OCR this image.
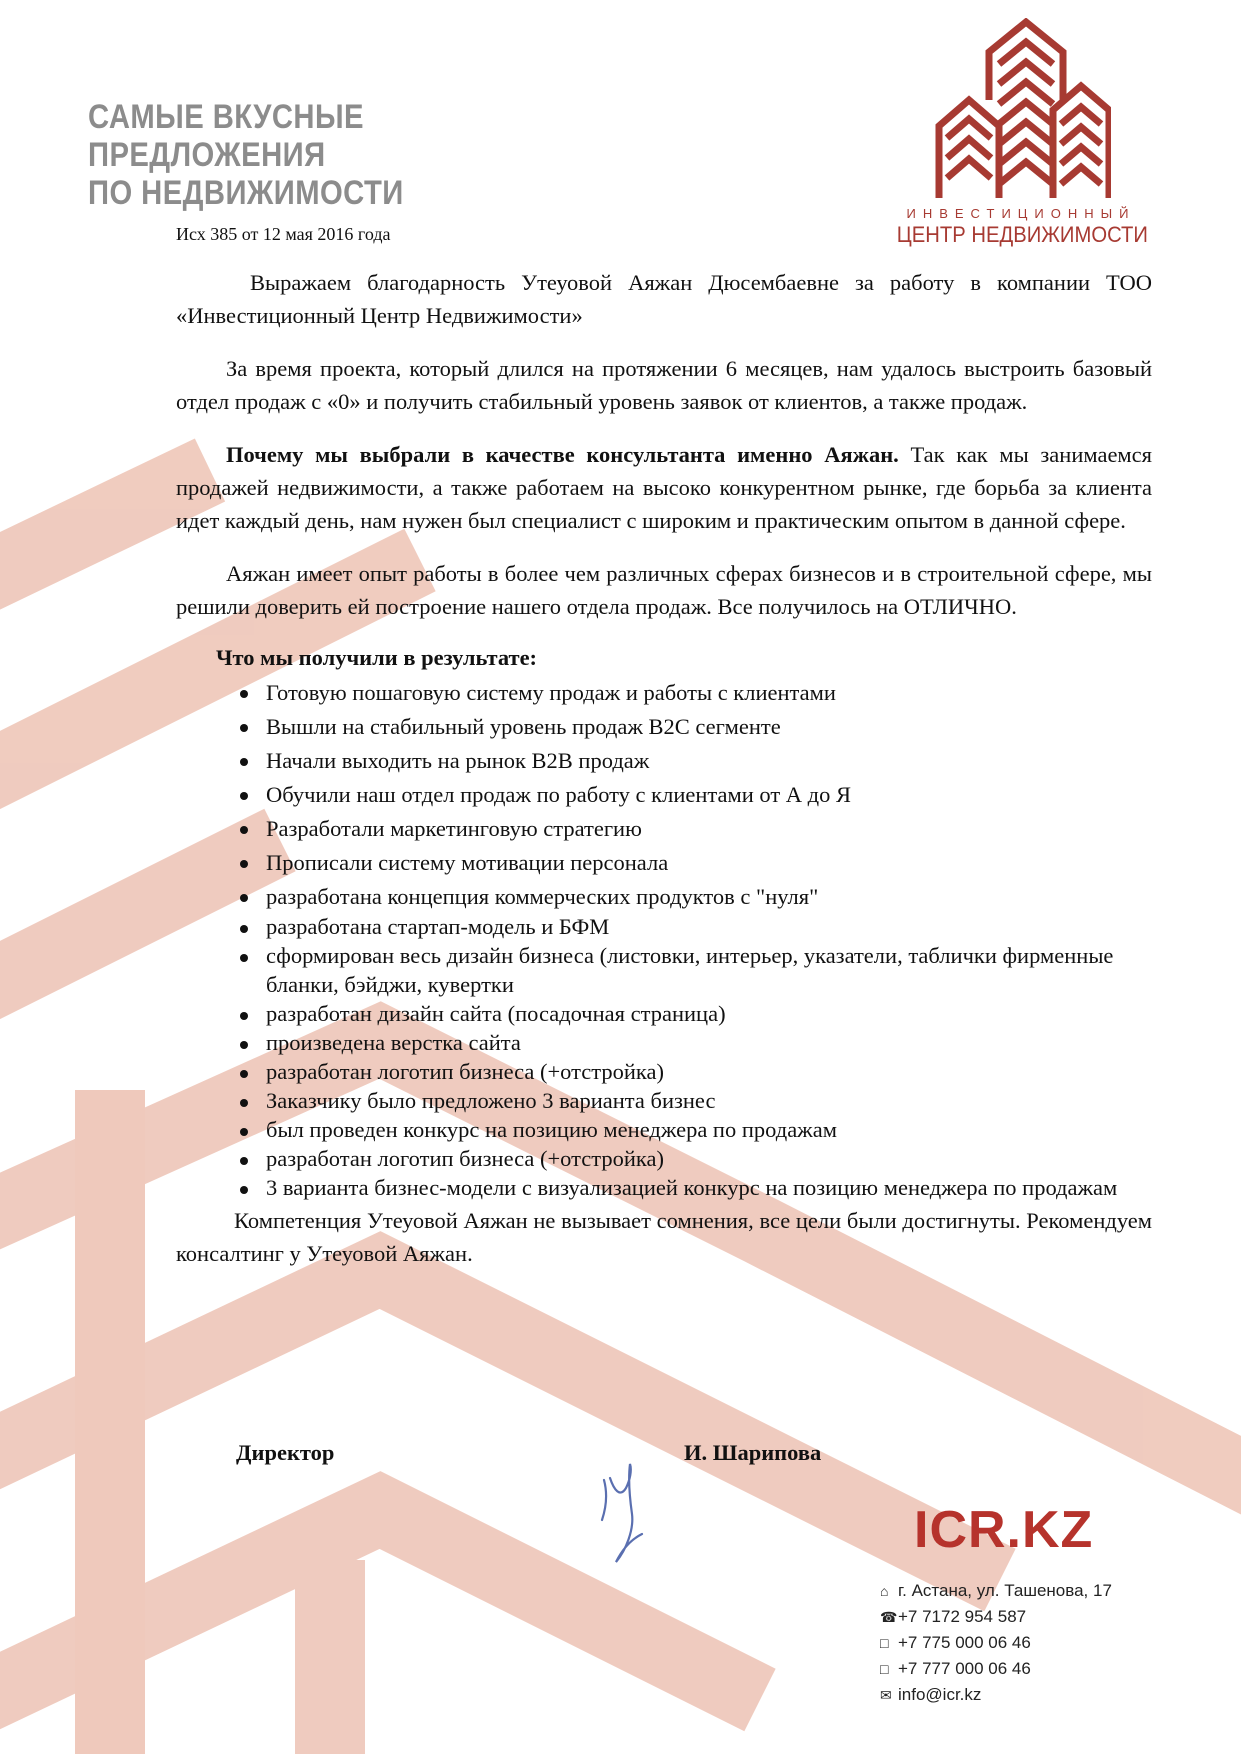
САМЫЕ ВКУСНЫЕ
ПРЕДЛОЖЕНИЯ
ПО НЕДВИЖИМОСТИ
ИНВЕСТИЦИОННЫЙ
ЦЕНТР НЕДВИЖИМОСТИ
Исх 385 от 12 мая 2016 года

Выражаем благодарность Утеуовой Аяжан Дюсембаевне за работу в компании ТОО «Инвестиционный Центр Недвижимости»

За время проекта, который длился на протяжении 6 месяцев, нам удалось выстроить базовый отдел продаж с «0» и получить стабильный уровень заявок от клиентов, а также продаж.

Почему мы выбрали в качестве консультанта именно Аяжан. Так как мы занимаемся продажей недвижимости, а также работаем на высоко конкурентном рынке, где борьба за клиента идет каждый день, нам нужен был специалист с широким и практическим опытом в данной сфере.

Аяжан имеет опыт работы в более чем различных сферах бизнесов и в строительной сфере, мы решили доверить ей построение нашего отдела продаж. Все получилось на ОТЛИЧНО.

Что мы получили в результате:

Готовую пошаговую систему продаж и работы с клиентами
Вышли на стабильный уровень продаж В2С сегменте
Начали выходить на рынок В2В продаж
Обучили наш отдел продаж по работу с клиентами от А до Я
Разработали маркетинговую стратегию
Прописали систему мотивации персонала
разработана концепция коммерческих продуктов с "нуля"
разработана стартап-модель и БФМ
сформирован весь дизайн бизнеса (листовки, интерьер, указатели, таблички фирменные бланки, бэйджи, кувертки
разработан дизайн сайта (посадочная страница)
произведена верстка сайта
разработан логотип бизнеса (+отстройка)
Заказчику было предложено 3 варианта бизнес
был проведен конкурс на позицию менеджера по продажам
разработан логотип бизнеса (+отстройка)
3 варианта бизнес-модели с визуализацией конкурс на позицию менеджера по продажам

Компетенция Утеуовой Аяжан не вызывает сомнения, все цели были достигнуты. Рекомендуем консалтинг у Утеуовой Аяжан.

Директор	И. Шарипова
ICR.KZ
⌂ г. Астана, ул. Ташенова, 17
☎+7 7172 954 587
□ +7 775 000 06 46
□ +7 777 000 06 46
✉ info@icr.kz
